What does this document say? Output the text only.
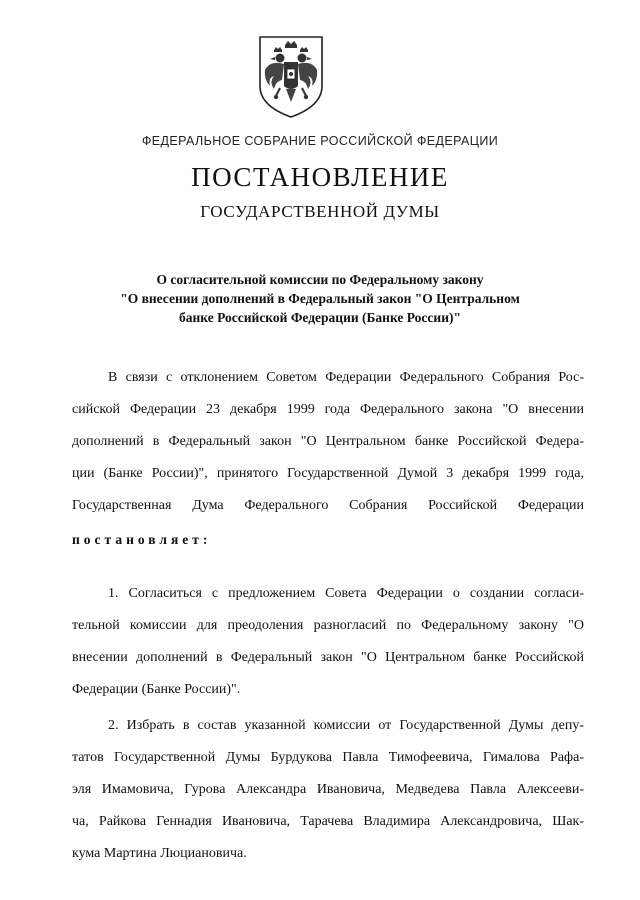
ФЕДЕРАЛЬНОЕ СОБРАНИЕ РОССИЙСКОЙ ФЕДЕРАЦИИ
ПОСТАНОВЛЕНИЕ
ГОСУДАРСТВЕННОЙ ДУМЫ
О согласительной комиссии по Федеральному закону
"О внесении дополнений в Федеральный закон "О Центральном
банке Российской Федерации (Банке России)"
В связи с отклонением Советом Федерации Федерального Собрания Рос-
сийской Федерации 23 декабря 1999 года Федерального закона "О внесении
дополнений в Федеральный закон "О Центральном банке Российской Федера-
ции (Банке России)", принятого Государственной Думой 3 декабря 1999 года,
Государственная Дума Федерального Собрания Российской Федерации
постановляет:
1. Согласиться с предложением Совета Федерации о создании согласи-
тельной комиссии для преодоления разногласий по Федеральному закону "О
внесении дополнений в Федеральный закон "О Центральном банке Российской
Федерации (Банке России)".
2. Избрать в состав указанной комиссии от Государственной Думы депу-
татов Государственной Думы Бурдукова Павла Тимофеевича, Гималова Рафа-
эля Имамовича, Гурова Александра Ивановича, Медведева Павла Алексееви-
ча, Райкова Геннадия Ивановича, Тарачева Владимира Александровича, Шак-
кума Мартина Люциановича.
